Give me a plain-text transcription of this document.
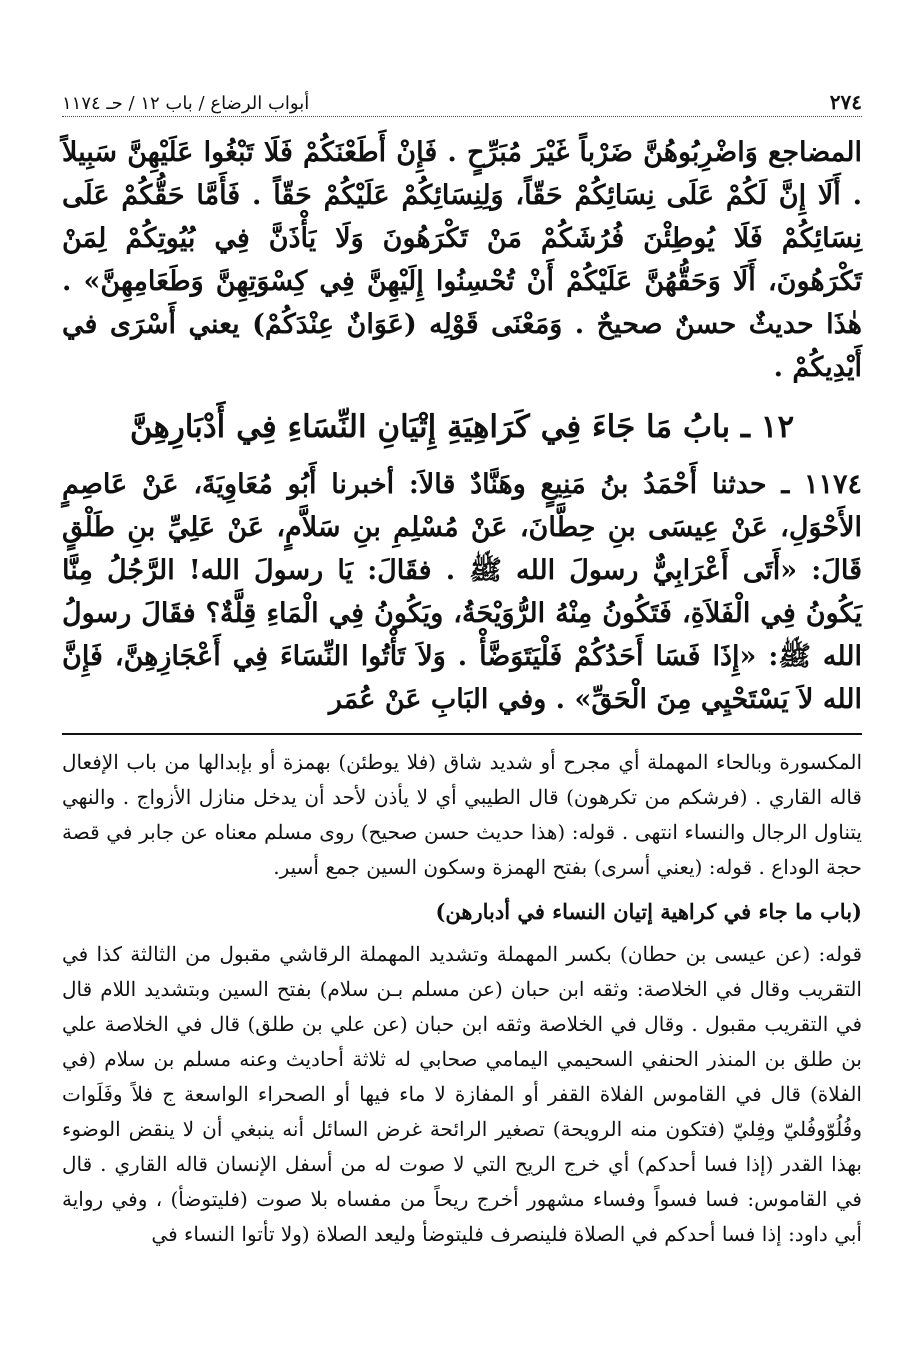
٢٧٤
أبواب الرضاع / باب ١٢ / حـ ١١٧٤
المضاجع وَاضْرِبُوهُنَّ ضَرْباً غَيْرَ مُبَرِّحٍ . فَإِنْ أَطَعْنَكُمْ فَلَا تَبْغُوا عَلَيْهِنَّ سَبِيلاً . أَلَا إِنَّ لَكُمْ عَلَى نِسَائِكُمْ حَقّاً، وَلِنِسَائِكُمْ عَلَيْكُمْ حَقّاً . فَأَمَّا حَقُّكُمْ عَلَى نِسَائِكُمْ فَلَا يُوطِئْنَ فُرُشَكُمْ مَنْ تَكْرَهُونَ وَلَا يَأْذَنَّ فِي بُيُوتِكُمْ لِمَنْ تَكْرَهُونَ، أَلَا وَحَقُّهُنَّ عَلَيْكُمْ أَنْ تُحْسِنُوا إِلَيْهِنَّ فِي كِسْوَتِهِنَّ وَطَعَامِهِنَّ» . هٰذَا حديثٌ حسنٌ صحيحٌ . وَمَعْنَى قَوْلِه (عَوَانٌ عِنْدَكُمْ) يعني أَسْرَى في أَيْدِيكُمْ .
١٢ ـ بابُ مَا جَاءَ فِي كَرَاهِيَةِ إِتْيَانِ النِّسَاءِ فِي أَدْبَارِهِنَّ
١١٧٤ ـ حدثنا أَحْمَدُ بنُ مَنِيعٍ وهَنَّادٌ قالاَ: أخبرنا أَبُو مُعَاوِيَةَ، عَنْ عَاصِمٍ الأَحْوَلِ، عَنْ عِيسَى بنِ حِطَّانَ، عَنْ مُسْلِمِ بنِ سَلاَّمٍ، عَنْ عَلِيِّ بنِ طَلْقٍ قَالَ: «أَتَى أَعْرَابِيٌّ رسولَ الله ﷺ . فقَالَ: يَا رسولَ الله! الرَّجُلُ مِنَّا يَكُونُ فِي الْفَلاَةِ، فَتَكُونُ مِنْهُ الرُّوَيْحَةُ، ويَكُونُ فِي الْمَاءِ قِلَّةٌ؟ فقَالَ رسولُ الله ﷺ: «إِذَا فَسَا أَحَدُكُمْ فَلْيَتَوَضَّأْ . وَلاَ تَأْتُوا النِّسَاءَ فِي أَعْجَازِهِنَّ، فَإِنَّ الله لاَ يَسْتَحْيِي مِنَ الْحَقِّ» . وفي البَابِ عَنْ عُمَر

المكسورة وبالحاء المهملة أي مجرح أو شديد شاق (فلا يوطئن) بهمزة أو بإبدالها من باب الإفعال قاله القاري . (فرشكم من تكرهون) قال الطيبي أي لا يأذن لأحد أن يدخل منازل الأزواج . والنهي يتناول الرجال والنساء انتهى . قوله: (هذا حديث حسن صحيح) روى مسلم معناه عن جابر في قصة حجة الوداع . قوله: (يعني أسرى) بفتح الهمزة وسكون السين جمع أسير.

(باب ما جاء في كراهية إتيان النساء في أدبارهن)

قوله: (عن عيسى بن حطان) بكسر المهملة وتشديد المهملة الرقاشي مقبول من الثالثة كذا في التقريب وقال في الخلاصة: وثقه ابن حبان (عن مسلم بـن سلام) بفتح السين وبتشديد اللام قال في التقريب مقبول . وقال في الخلاصة وثقه ابن حبان (عن علي بن طلق) قال في الخلاصة علي بن طلق بن المنذر الحنفي السحيمي اليمامي صحابي له ثلاثة أحاديث وعنه مسلم بن سلام (في الفلاة) قال في القاموس الفلاة القفر أو المفازة لا ماء فيها أو الصحراء الواسعة ج فلاً وفَلَوات وفُلُوّوفُليّ وفِليّ (فتكون منه الرويحة) تصغير الرائحة غرض السائل أنه ينبغي أن لا ينقض الوضوء بهذا القدر (إذا فسا أحدكم) أي خرج الريح التي لا صوت له من أسفل الإنسان قاله القاري . قال في القاموس: فسا فسواً وفساء مشهور أخرج ريحاً من مفساه بلا صوت (فليتوضأ) ، وفي رواية أبي داود: إذا فسا أحدكم في الصلاة فلينصرف فليتوضأ وليعد الصلاة (ولا تأتوا النساء في
